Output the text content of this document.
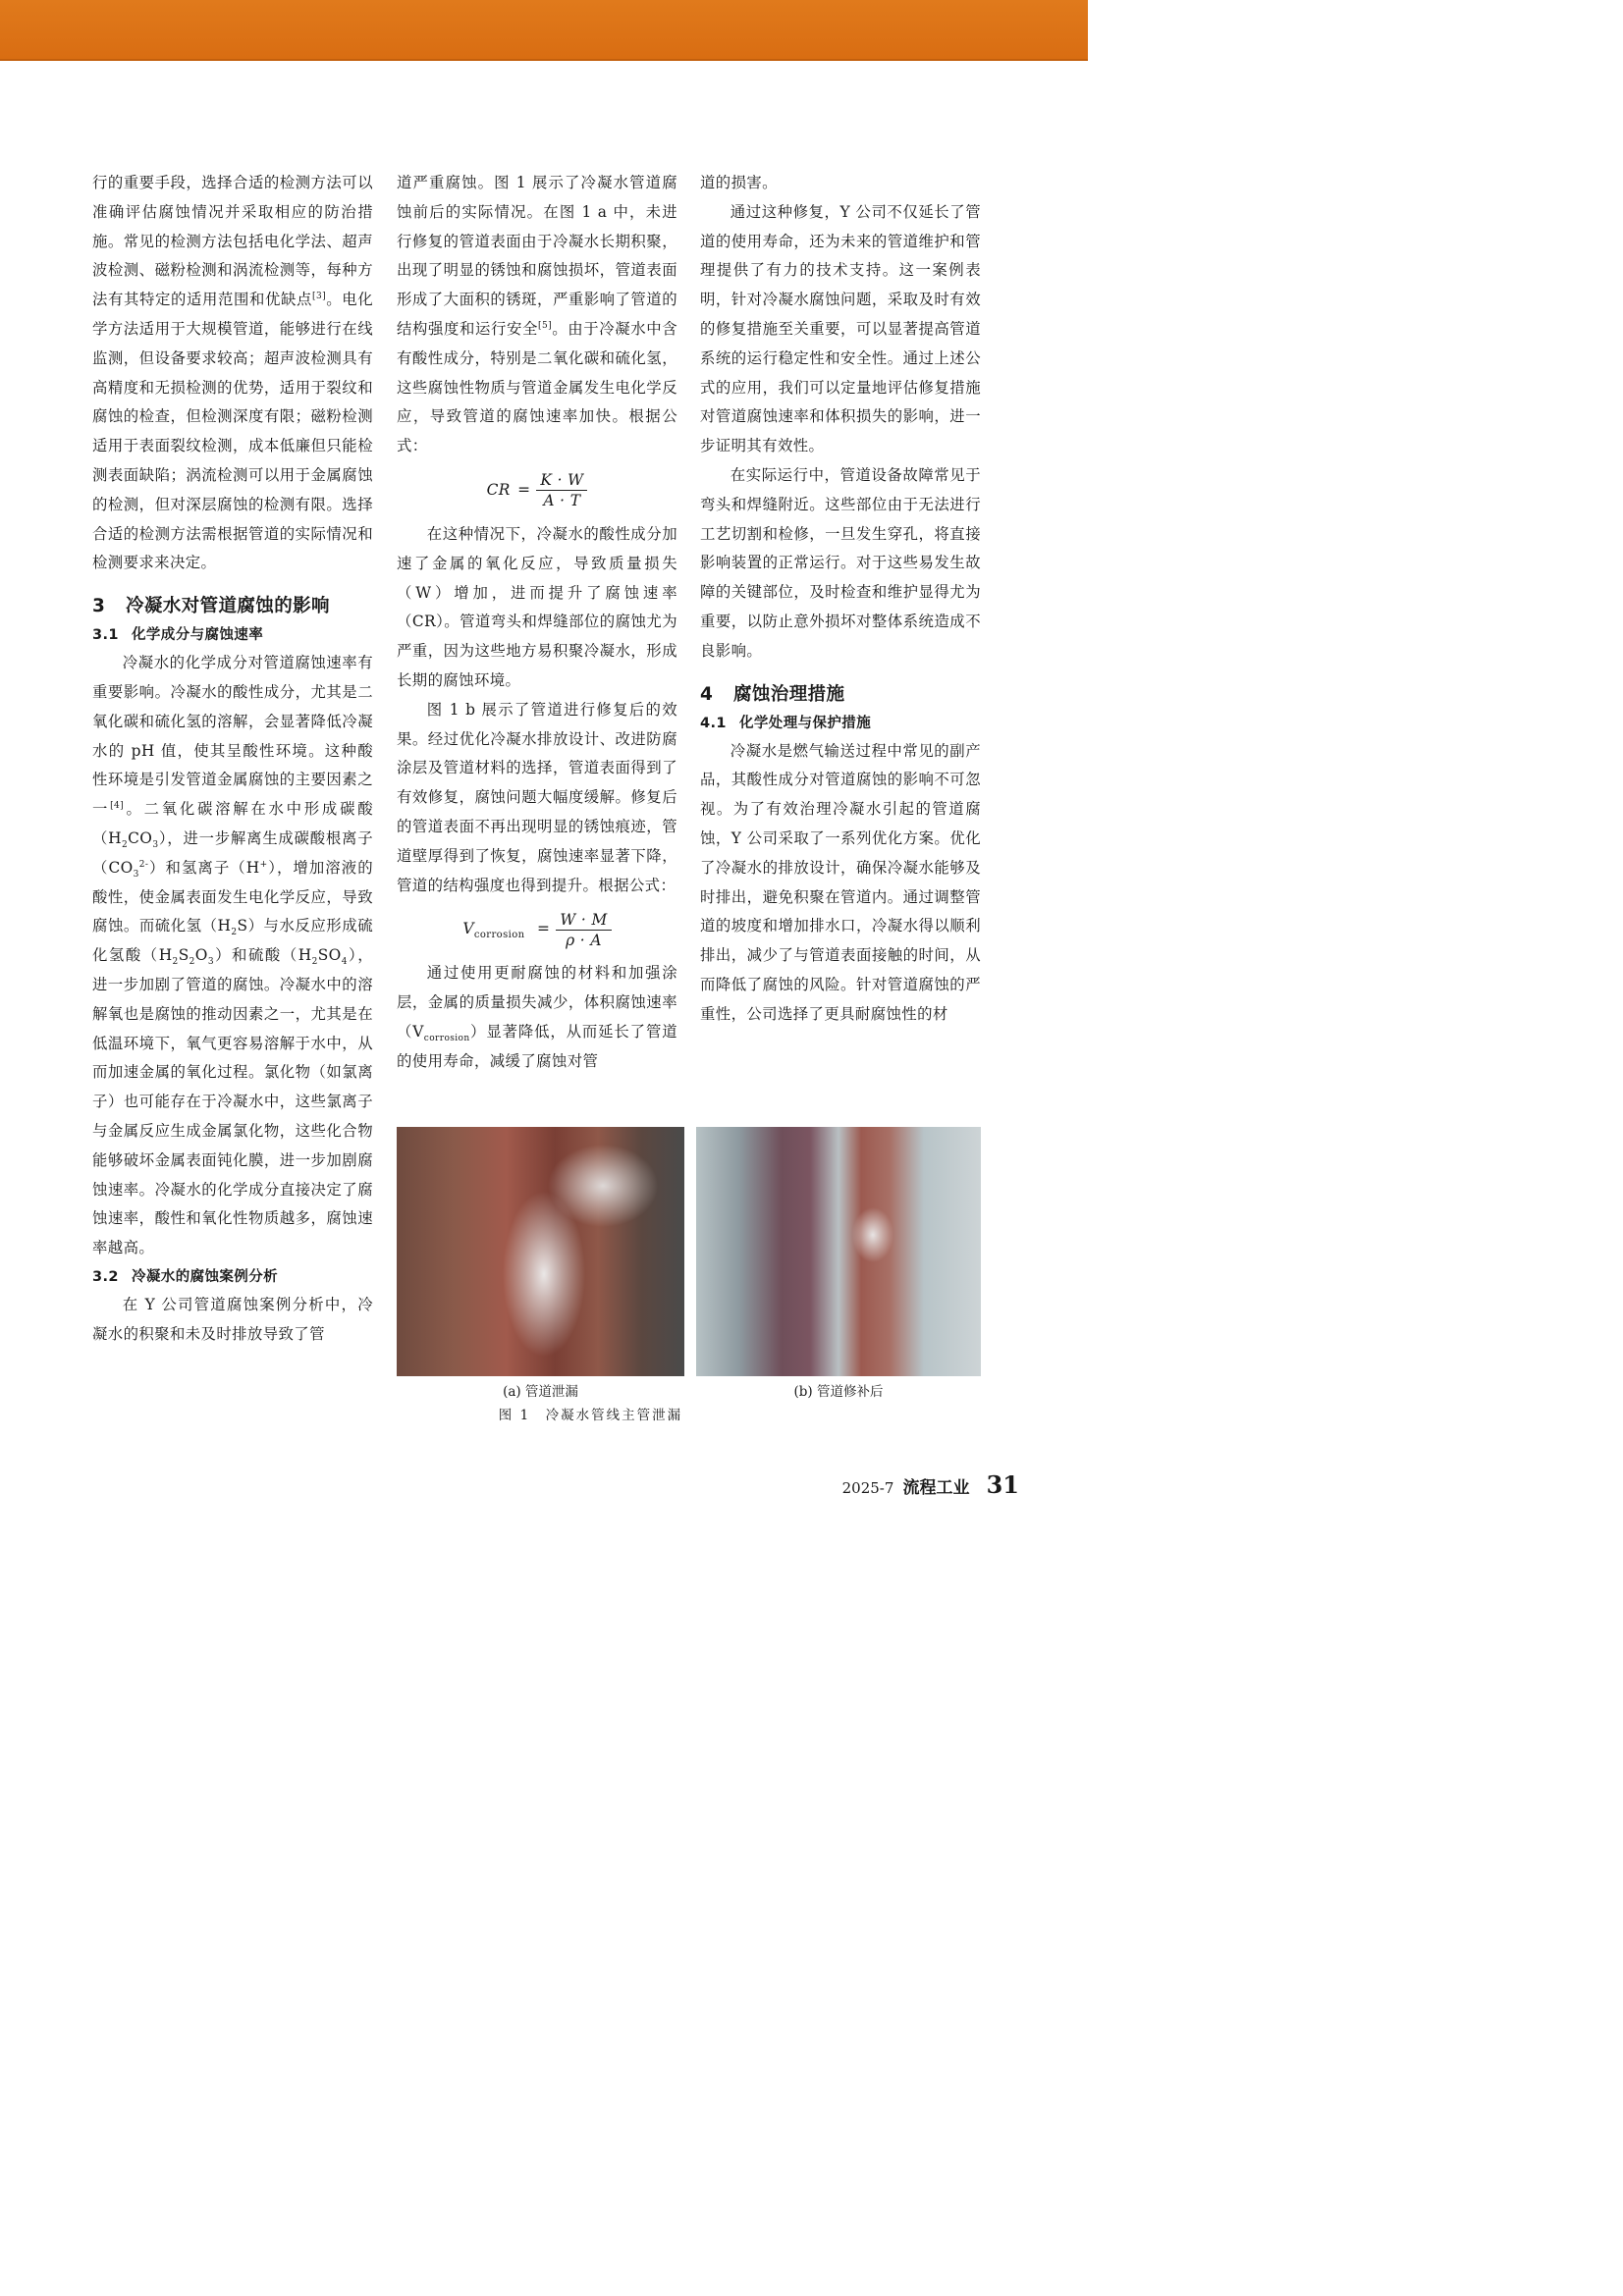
行的重要手段，选择合适的检测方法可以准确评估腐蚀情况并采取相应的防治措施。常见的检测方法包括电化学法、超声波检测、磁粉检测和涡流检测等，每种方法有其特定的适用范围和优缺点[3]。电化学方法适用于大规模管道，能够进行在线监测，但设备要求较高；超声波检测具有高精度和无损检测的优势，适用于裂纹和腐蚀的检查，但检测深度有限；磁粉检测适用于表面裂纹检测，成本低廉但只能检测表面缺陷；涡流检测可以用于金属腐蚀的检测，但对深层腐蚀的检测有限。选择合适的检测方法需根据管道的实际情况和检测要求来决定。

3 冷凝水对管道腐蚀的影响

3.1 化学成分与腐蚀速率

冷凝水的化学成分对管道腐蚀速率有重要影响。冷凝水的酸性成分，尤其是二氧化碳和硫化氢的溶解，会显著降低冷凝水的 pH 值，使其呈酸性环境。这种酸性环境是引发管道金属腐蚀的主要因素之一[4]。二氧化碳溶解在水中形成碳酸$(H_2CO_3)$，进一步解离生成碳酸根离子$(CO_3^{2-})$和氢离子（H+），增加溶液的酸性，使金属表面发生电化学反应，导致腐蚀。而硫化氢$(H_2S)$与水反应形成硫化氢酸$(H_2S_2O_3)$和硫酸$(H_2SO_4)$，进一步加剧了管道的腐蚀。冷凝水中的溶解氧也是腐蚀的推动因素之一，尤其是在低温环境下，氧气更容易溶解于水中，从而加速金属的氧化过程。氯化物（如氯离子）也可能存在于冷凝水中，这些氯离子与金属反应生成金属氯化物，这些化合物能够破坏金属表面钝化膜，进一步加剧腐蚀速率。冷凝水的化学成分直接决定了腐蚀速率，酸性和氧化性物质越多，腐蚀速率越高。

3.2 冷凝水的腐蚀案例分析

在 Y 公司管道腐蚀案例分析中，冷凝水的积聚和未及时排放导致了管

道严重腐蚀。图 1 展示了冷凝水管道腐蚀前后的实际情况。在图 1 a 中，未进行修复的管道表面由于冷凝水长期积聚，出现了明显的锈蚀和腐蚀损坏，管道表面形成了大面积的锈斑，严重影响了管道的结构强度和运行安全[5]。由于冷凝水中含有酸性成分，特别是二氧化碳和硫化氢，这些腐蚀性物质与管道金属发生电化学反应，导致管道的腐蚀速率加快。根据公式：

CR = $\frac{K \cdot W}{A \cdot T}$

在这种情况下，冷凝水的酸性成分加速了金属的氧化反应，导致质量损失（W）增加，进而提升了腐蚀速率（CR）。管道弯头和焊缝部位的腐蚀尤为严重，因为这些地方易积聚冷凝水，形成长期的腐蚀环境。

图 1 b 展示了管道进行修复后的效果。经过优化冷凝水排放设计、改进防腐涂层及管道材料的选择，管道表面得到了有效修复，腐蚀问题大幅度缓解。修复后的管道表面不再出现明显的锈蚀痕迹，管道壁厚得到了恢复，腐蚀速率显著下降，管道的结构强度也得到提升。根据公式：

$V_{corrosion} = \frac{W \cdot M}{\rho \cdot A}$

通过使用更耐腐蚀的材料和加强涂层，金属的质量损失减少，体积腐蚀速率$(V_{corrosion})$显著降低，从而延长了管道的使用寿命，减缓了腐蚀对管

道的损害。

通过这种修复，Y 公司不仅延长了管道的使用寿命，还为未来的管道维护和管理提供了有力的技术支持。这一案例表明，针对冷凝水腐蚀问题，采取及时有效的修复措施至关重要，可以显著提高管道系统的运行稳定性和安全性。通过上述公式的应用，我们可以定量地评估修复措施对管道腐蚀速率和体积损失的影响，进一步证明其有效性。

在实际运行中，管道设备故障常见于弯头和焊缝附近。这些部位由于无法进行工艺切割和检修，一旦发生穿孔，将直接影响装置的正常运行。对于这些易发生故障的关键部位，及时检查和维护显得尤为重要，以防止意外损坏对整体系统造成不良影响。

4 腐蚀治理措施

4.1 化学处理与保护措施

冷凝水是燃气输送过程中常见的副产品，其酸性成分对管道腐蚀的影响不可忽视。为了有效治理冷凝水引起的管道腐蚀，Y 公司采取了一系列优化方案。优化了冷凝水的排放设计，确保冷凝水能够及时排出，避免积聚在管道内。通过调整管道的坡度和增加排水口，冷凝水得以顺利排出，减少了与管道表面接触的时间，从而降低了腐蚀的风险。针对管道腐蚀的严重性，公司选择了更具耐腐蚀性的材

(a) 管道泄漏	(b) 管道修补后
图 1　冷凝水管线主管泄漏
2025-7 流程工业 31
